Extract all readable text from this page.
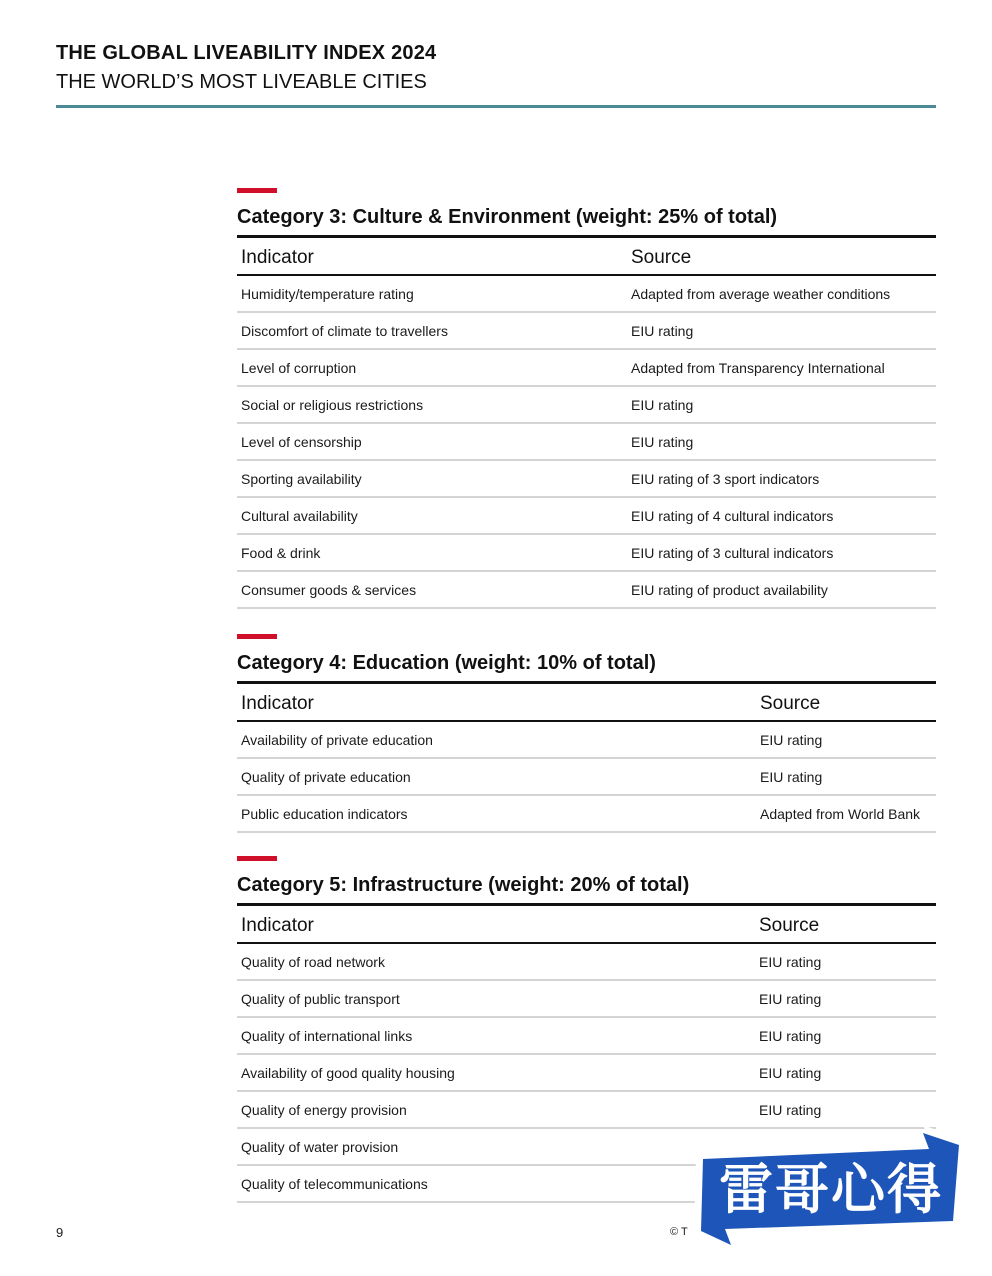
THE GLOBAL LIVEABILITY INDEX 2024
THE WORLD’S MOST LIVEABLE CITIES
Category 3: Culture & Environment (weight: 25% of total)
Indicator	Source
Humidity/temperature rating	Adapted from average weather conditions
Discomfort of climate to travellers	EIU rating
Level of corruption	Adapted from Transparency International
Social or religious restrictions	EIU rating
Level of censorship	EIU rating
Sporting availability	EIU rating of 3 sport indicators
Cultural availability	EIU rating of 4 cultural indicators
Food & drink	EIU rating of 3 cultural indicators
Consumer goods & services	EIU rating of product availability
Category 4: Education (weight: 10% of total)
Indicator	Source
Availability of private education	EIU rating
Quality of private education	EIU rating
Public education indicators	Adapted from World Bank
Category 5: Infrastructure (weight: 20% of total)
Indicator	Source
Quality of road network	EIU rating
Quality of public transport	EIU rating
Quality of international links	EIU rating
Availability of good quality housing	EIU rating
Quality of energy provision	EIU rating
Quality of water provision	
Quality of telecommunications	
9	© T
雷哥心得
